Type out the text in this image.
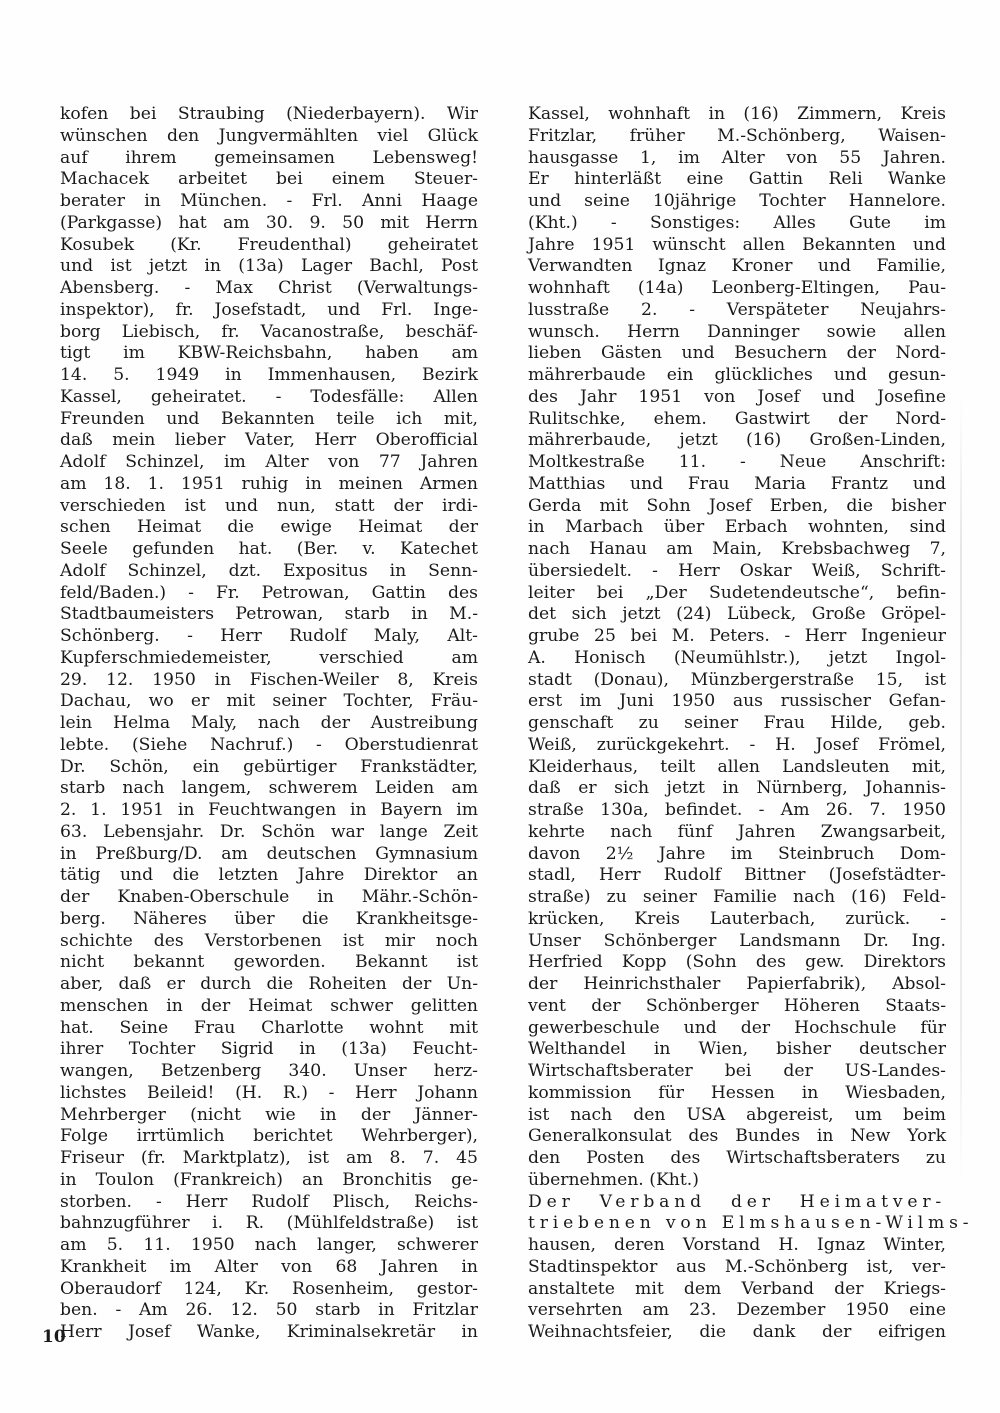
kofen bei Straubing (Niederbayern). Wir
wünschen den Jungvermählten viel Glück
auf ihrem gemeinsamen Lebensweg!
Machacek arbeitet bei einem Steuer-
berater in München. - Frl. Anni Haage
(Parkgasse) hat am 30. 9. 50 mit Herrn
Kosubek (Kr. Freudenthal) geheiratet
und ist jetzt in (13a) Lager Bachl, Post
Abensberg. - Max Christ (Verwaltungs-
inspektor), fr. Josefstadt, und Frl. Inge-
borg Liebisch, fr. Vacanostraße, beschäf-
tigt im KBW-Reichsbahn, haben am
14. 5. 1949 in Immenhausen, Bezirk
Kassel, geheiratet. - Todesfälle: Allen
Freunden und Bekannten teile ich mit,
daß mein lieber Vater, Herr Oberofficial
Adolf Schinzel, im Alter von 77 Jahren
am 18. 1. 1951 ruhig in meinen Armen
verschieden ist und nun, statt der irdi-
schen Heimat die ewige Heimat der
Seele gefunden hat. (Ber. v. Katechet
Adolf Schinzel, dzt. Expositus in Senn-
feld/Baden.) - Fr. Petrowan, Gattin des
Stadtbaumeisters Petrowan, starb in M.-
Schönberg. - Herr Rudolf Maly, Alt-
Kupferschmiedemeister, verschied am
29. 12. 1950 in Fischen-Weiler 8, Kreis
Dachau, wo er mit seiner Tochter, Fräu-
lein Helma Maly, nach der Austreibung
lebte. (Siehe Nachruf.) - Oberstudienrat
Dr. Schön, ein gebürtiger Frankstädter,
starb nach langem, schwerem Leiden am
2. 1. 1951 in Feuchtwangen in Bayern im
63. Lebensjahr. Dr. Schön war lange Zeit
in Preßburg/D. am deutschen Gymnasium
tätig und die letzten Jahre Direktor an
der Knaben-Oberschule in Mähr.-Schön-
berg. Näheres über die Krankheitsge-
schichte des Verstorbenen ist mir noch
nicht bekannt geworden. Bekannt ist
aber, daß er durch die Roheiten der Un-
menschen in der Heimat schwer gelitten
hat. Seine Frau Charlotte wohnt mit
ihrer Tochter Sigrid in (13a) Feucht-
wangen, Betzenberg 340. Unser herz-
lichstes Beileid! (H. R.) - Herr Johann
Mehrberger (nicht wie in der Jänner-
Folge irrtümlich berichtet Wehrberger),
Friseur (fr. Marktplatz), ist am 8. 7. 45
in Toulon (Frankreich) an Bronchitis ge-
storben. - Herr Rudolf Plisch, Reichs-
bahnzugführer i. R. (Mühlfeldstraße) ist
am 5. 11. 1950 nach langer, schwerer
Krankheit im Alter von 68 Jahren in
Oberaudorf 124, Kr. Rosenheim, gestor-
ben. - Am 26. 12. 50 starb in Fritzlar
Herr Josef Wanke, Kriminalsekretär in
Kassel, wohnhaft in (16) Zimmern, Kreis
Fritzlar, früher M.-Schönberg, Waisen-
hausgasse 1, im Alter von 55 Jahren.
Er hinterläßt eine Gattin Reli Wanke
und seine 10jährige Tochter Hannelore.
(Kht.) - Sonstiges: Alles Gute im
Jahre 1951 wünscht allen Bekannten und
Verwandten Ignaz Kroner und Familie,
wohnhaft (14a) Leonberg-Eltingen, Pau-
lusstraße 2. - Verspäteter Neujahrs-
wunsch. Herrn Danninger sowie allen
lieben Gästen und Besuchern der Nord-
mährerbaude ein glückliches und gesun-
des Jahr 1951 von Josef und Josefine
Rulitschke, ehem. Gastwirt der Nord-
mährerbaude, jetzt (16) Großen-Linden,
Moltkestraße 11. - Neue Anschrift:
Matthias und Frau Maria Frantz und
Gerda mit Sohn Josef Erben, die bisher
in Marbach über Erbach wohnten, sind
nach Hanau am Main, Krebsbachweg 7,
übersiedelt. - Herr Oskar Weiß, Schrift-
leiter bei „Der Sudetendeutsche“, befin-
det sich jetzt (24) Lübeck, Große Gröpel-
grube 25 bei M. Peters. - Herr Ingenieur
A. Honisch (Neumühlstr.), jetzt Ingol-
stadt (Donau), Münzbergerstraße 15, ist
erst im Juni 1950 aus russischer Gefan-
genschaft zu seiner Frau Hilde, geb.
Weiß, zurückgekehrt. - H. Josef Frömel,
Kleiderhaus, teilt allen Landsleuten mit,
daß er sich jetzt in Nürnberg, Johannis-
straße 130a, befindet. - Am 26. 7. 1950
kehrte nach fünf Jahren Zwangsarbeit,
davon 2½ Jahre im Steinbruch Dom-
stadl, Herr Rudolf Bittner (Josefstädter-
straße) zu seiner Familie nach (16) Feld-
krücken, Kreis Lauterbach, zurück. -
Unser Schönberger Landsmann Dr. Ing.
Herfried Kopp (Sohn des gew. Direktors
der Heinrichsthaler Papierfabrik), Absol-
vent der Schönberger Höheren Staats-
gewerbeschule und der Hochschule für
Welthandel in Wien, bisher deutscher
Wirtschaftsberater bei der US-Landes-
kommission für Hessen in Wiesbaden,
ist nach den USA abgereist, um beim
Generalkonsulat des Bundes in New York
den Posten des Wirtschaftsberaters zu
übernehmen. (Kht.)
Der Verband der Heimatver-
triebenen von Elmshausen-Wilms-
hausen, deren Vorstand H. Ignaz Winter,
Stadtinspektor aus M.-Schönberg ist, ver-
anstaltete mit dem Verband der Kriegs-
versehrten am 23. Dezember 1950 eine
Weihnachtsfeier, die dank der eifrigen
10
